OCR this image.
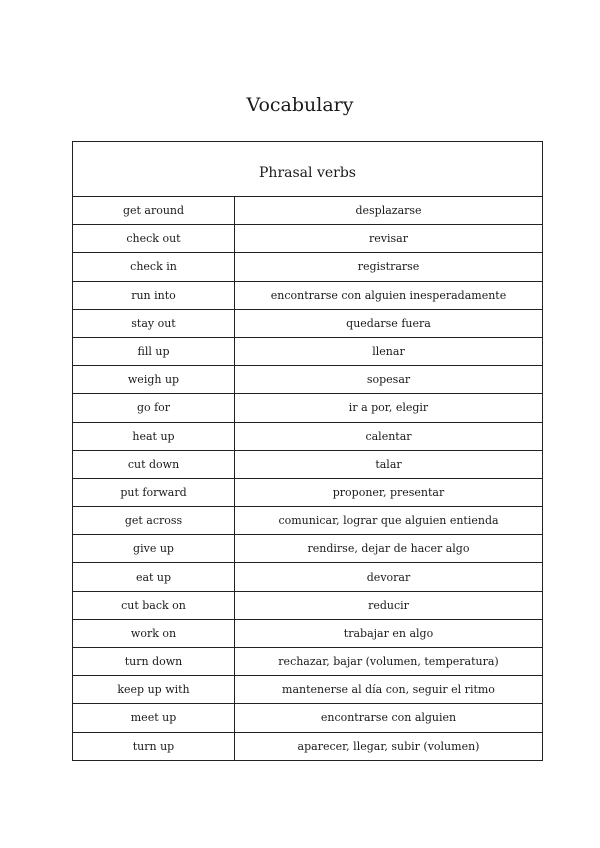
Vocabulary
Phrasal verbs	
get around	desplazarse
check out	revisar
check in	registrarse
run into	encontrarse con alguien inesperadamente
stay out	quedarse fuera
fill up	llenar
weigh up	sopesar
go for	ir a por, elegir
heat up	calentar
cut down	talar
put forward	proponer, presentar
get across	comunicar, lograr que alguien entienda
give up	rendirse, dejar de hacer algo
eat up	devorar
cut back on	reducir
work on	trabajar en algo
turn down	rechazar, bajar (volumen, temperatura)
keep up with	mantenerse al día con, seguir el ritmo
meet up	encontrarse con alguien
turn up	aparecer, llegar, subir (volumen)
